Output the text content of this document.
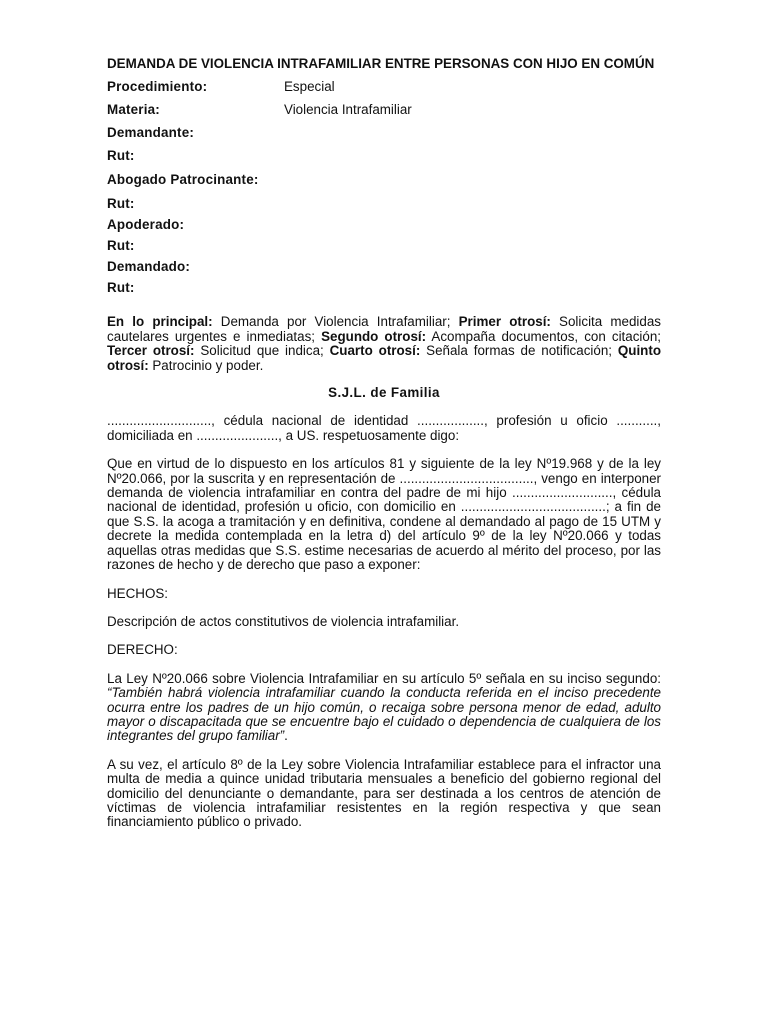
DEMANDA DE VIOLENCIA INTRAFAMILIAR ENTRE PERSONAS CON HIJO EN COMÚN

Procedimiento:	Especial
Materia:	Violencia Intrafamiliar
Demandante:
Rut:
Abogado Patrocinante:
Rut:
Apoderado:
Rut:
Demandado:
Rut:

En lo principal: Demanda por Violencia Intrafamiliar; Primer otrosí: Solicita medidas cautelares urgentes e inmediatas; Segundo otrosí: Acompaña documentos, con citación; Tercer otrosí: Solicitud que indica; Cuarto otrosí: Señala formas de notificación; Quinto otrosí: Patrocinio y poder.

S.J.L. de Familia

............................, cédula nacional de identidad .................., profesión u oficio ..........., domiciliada en ......................, a US. respetuosamente digo:

Que en virtud de lo dispuesto en los artículos 81 y siguiente de la ley Nº19.968 y de la ley Nº20.066, por la suscrita y en representación de ...................................., vengo en interponer demanda de violencia intrafamiliar en contra del padre de mi hijo ..........................., cédula nacional de identidad, profesión u oficio, con domicilio en .......................................; a fin de que S.S. la acoga a tramitación y en definitiva, condene al demandado al pago de 15 UTM y decrete la medida contemplada en la letra d) del artículo 9º de la ley Nº20.066 y todas aquellas otras medidas que S.S. estime necesarias de acuerdo al mérito del proceso, por las razones de hecho y de derecho que paso a exponer:

HECHOS:

Descripción de actos constitutivos de violencia intrafamiliar.

DERECHO:

La Ley Nº20.066 sobre Violencia Intrafamiliar en su artículo 5º señala en su inciso segundo: “También habrá violencia intrafamiliar cuando la conducta referida en el inciso precedente ocurra entre los padres de un hijo común, o recaiga sobre persona menor de edad, adulto mayor o discapacitada que se encuentre bajo el cuidado o dependencia de cualquiera de los integrantes del grupo familiar”.

A su vez, el artículo 8º de la Ley sobre Violencia Intrafamiliar establece para el infractor una multa de media a quince unidad tributaria mensuales a beneficio del gobierno regional del domicilio del denunciante o demandante, para ser destinada a los centros de atención de víctimas de violencia intrafamiliar resistentes en la región respectiva y que sean financiamiento público o privado.
